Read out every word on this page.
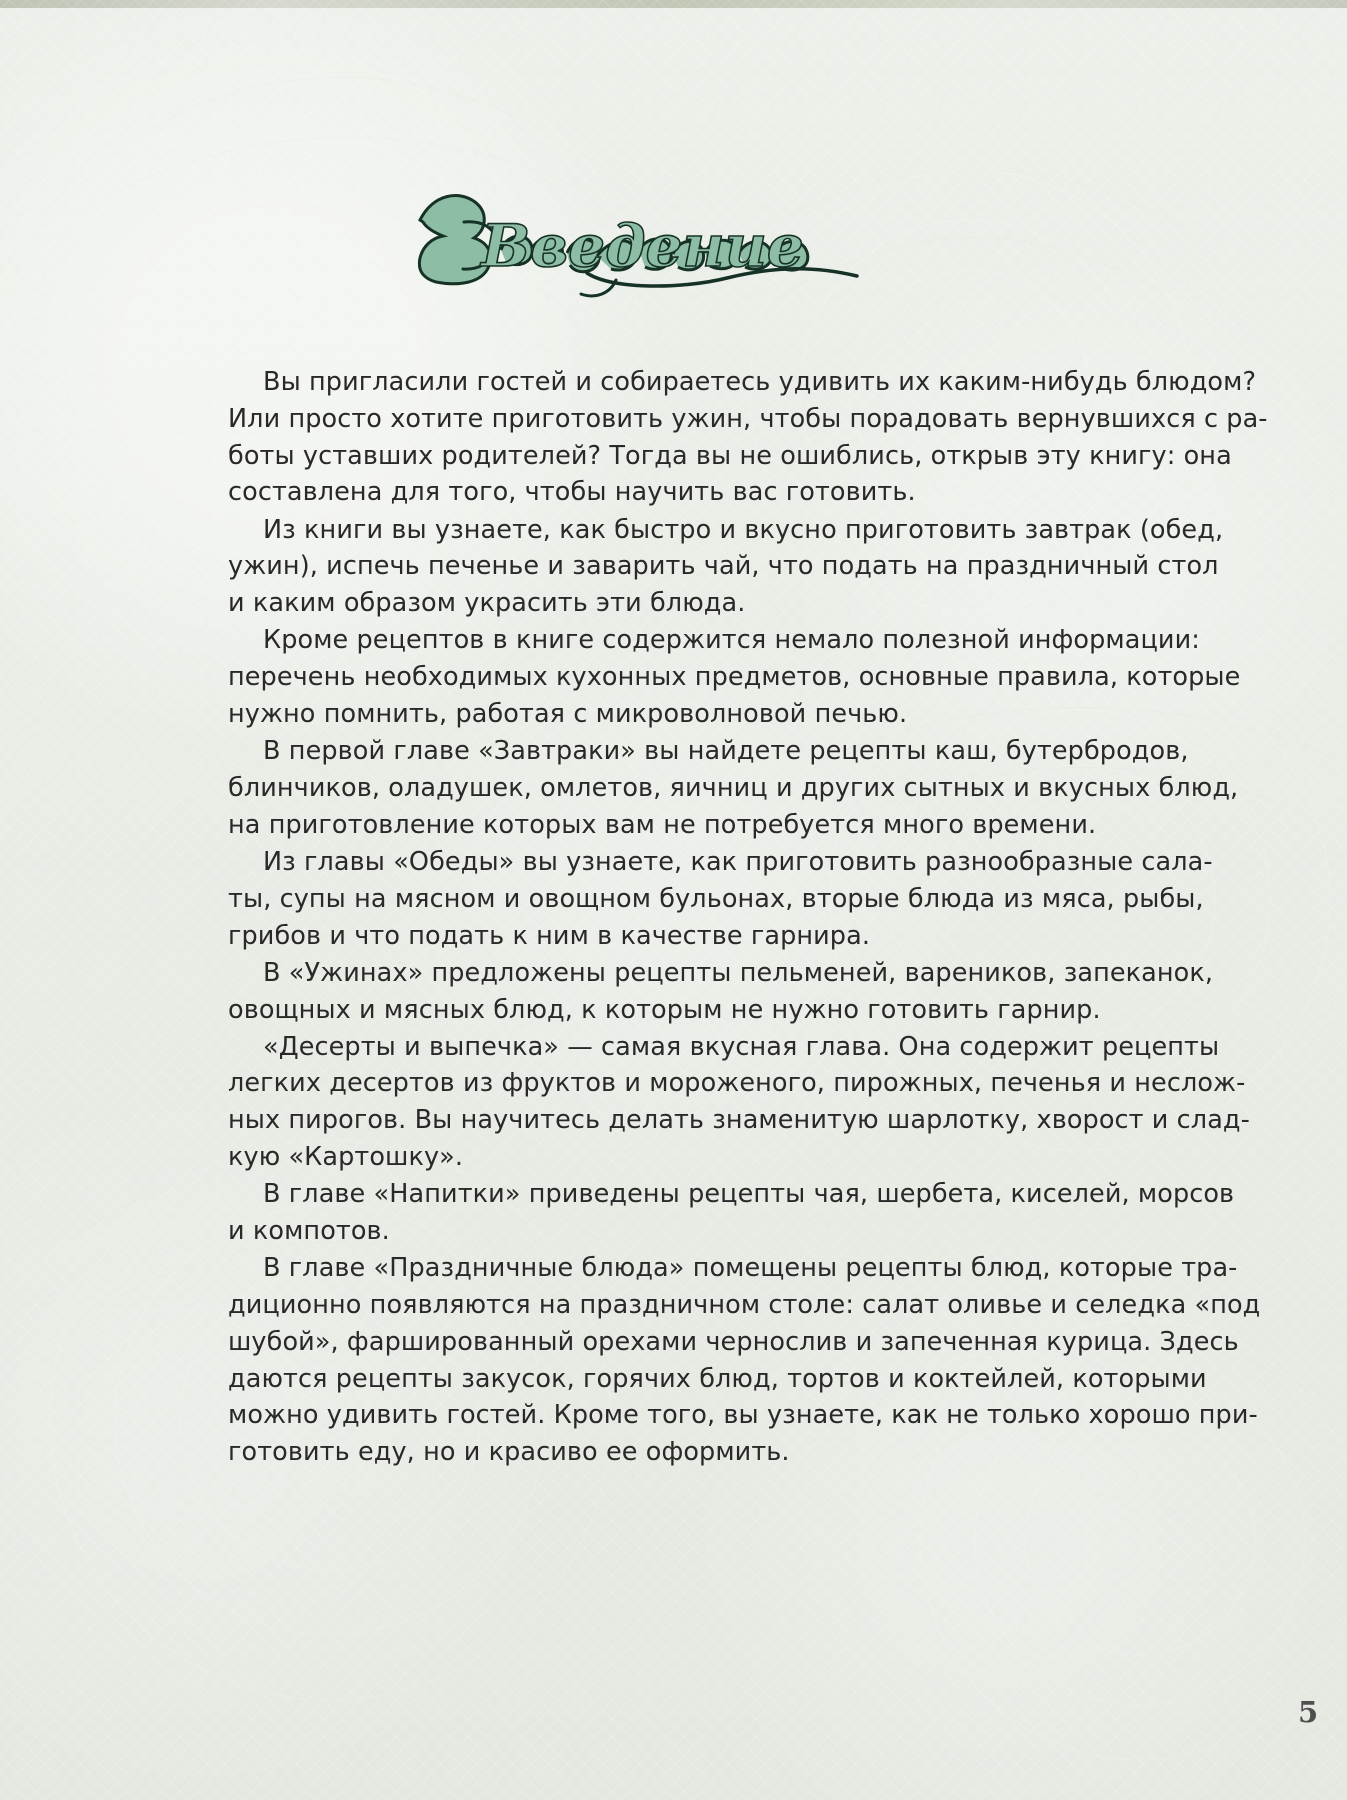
Введение
Вы пригласили гостей и собираетесь удивить их каким-нибудь блюдом?
Или просто хотите приготовить ужин, чтобы порадовать вернувшихся с ра-
боты уставших родителей? Тогда вы не ошиблись, открыв эту книгу: она
составлена для того, чтобы научить вас готовить.
Из книги вы узнаете, как быстро и вкусно приготовить завтрак (обед,
ужин), испечь печенье и заварить чай, что подать на праздничный стол
и каким образом украсить эти блюда.
Кроме рецептов в книге содержится немало полезной информации:
перечень необходимых кухонных предметов, основные правила, которые
нужно помнить, работая с микроволновой печью.
В первой главе «Завтраки» вы найдете рецепты каш, бутербродов,
блинчиков, оладушек, омлетов, яичниц и других сытных и вкусных блюд,
на приготовление которых вам не потребуется много времени.
Из главы «Обеды» вы узнаете, как приготовить разнообразные сала-
ты, супы на мясном и овощном бульонах, вторые блюда из мяса, рыбы,
грибов и что подать к ним в качестве гарнира.
В «Ужинах» предложены рецепты пельменей, вареников, запеканок,
овощных и мясных блюд, к которым не нужно готовить гарнир.
«Десерты и выпечка» — самая вкусная глава. Она содержит рецепты
легких десертов из фруктов и мороженого, пирожных, печенья и неслож-
ных пирогов. Вы научитесь делать знаменитую шарлотку, хворост и слад-
кую «Картошку».
В главе «Напитки» приведены рецепты чая, шербета, киселей, морсов
и компотов.
В главе «Праздничные блюда» помещены рецепты блюд, которые тра-
диционно появляются на праздничном столе: салат оливье и селедка «под
шубой», фаршированный орехами чернослив и запеченная курица. Здесь
даются рецепты закусок, горячих блюд, тортов и коктейлей, которыми
можно удивить гостей. Кроме того, вы узнаете, как не только хорошо при-
готовить еду, но и красиво ее оформить.
5
